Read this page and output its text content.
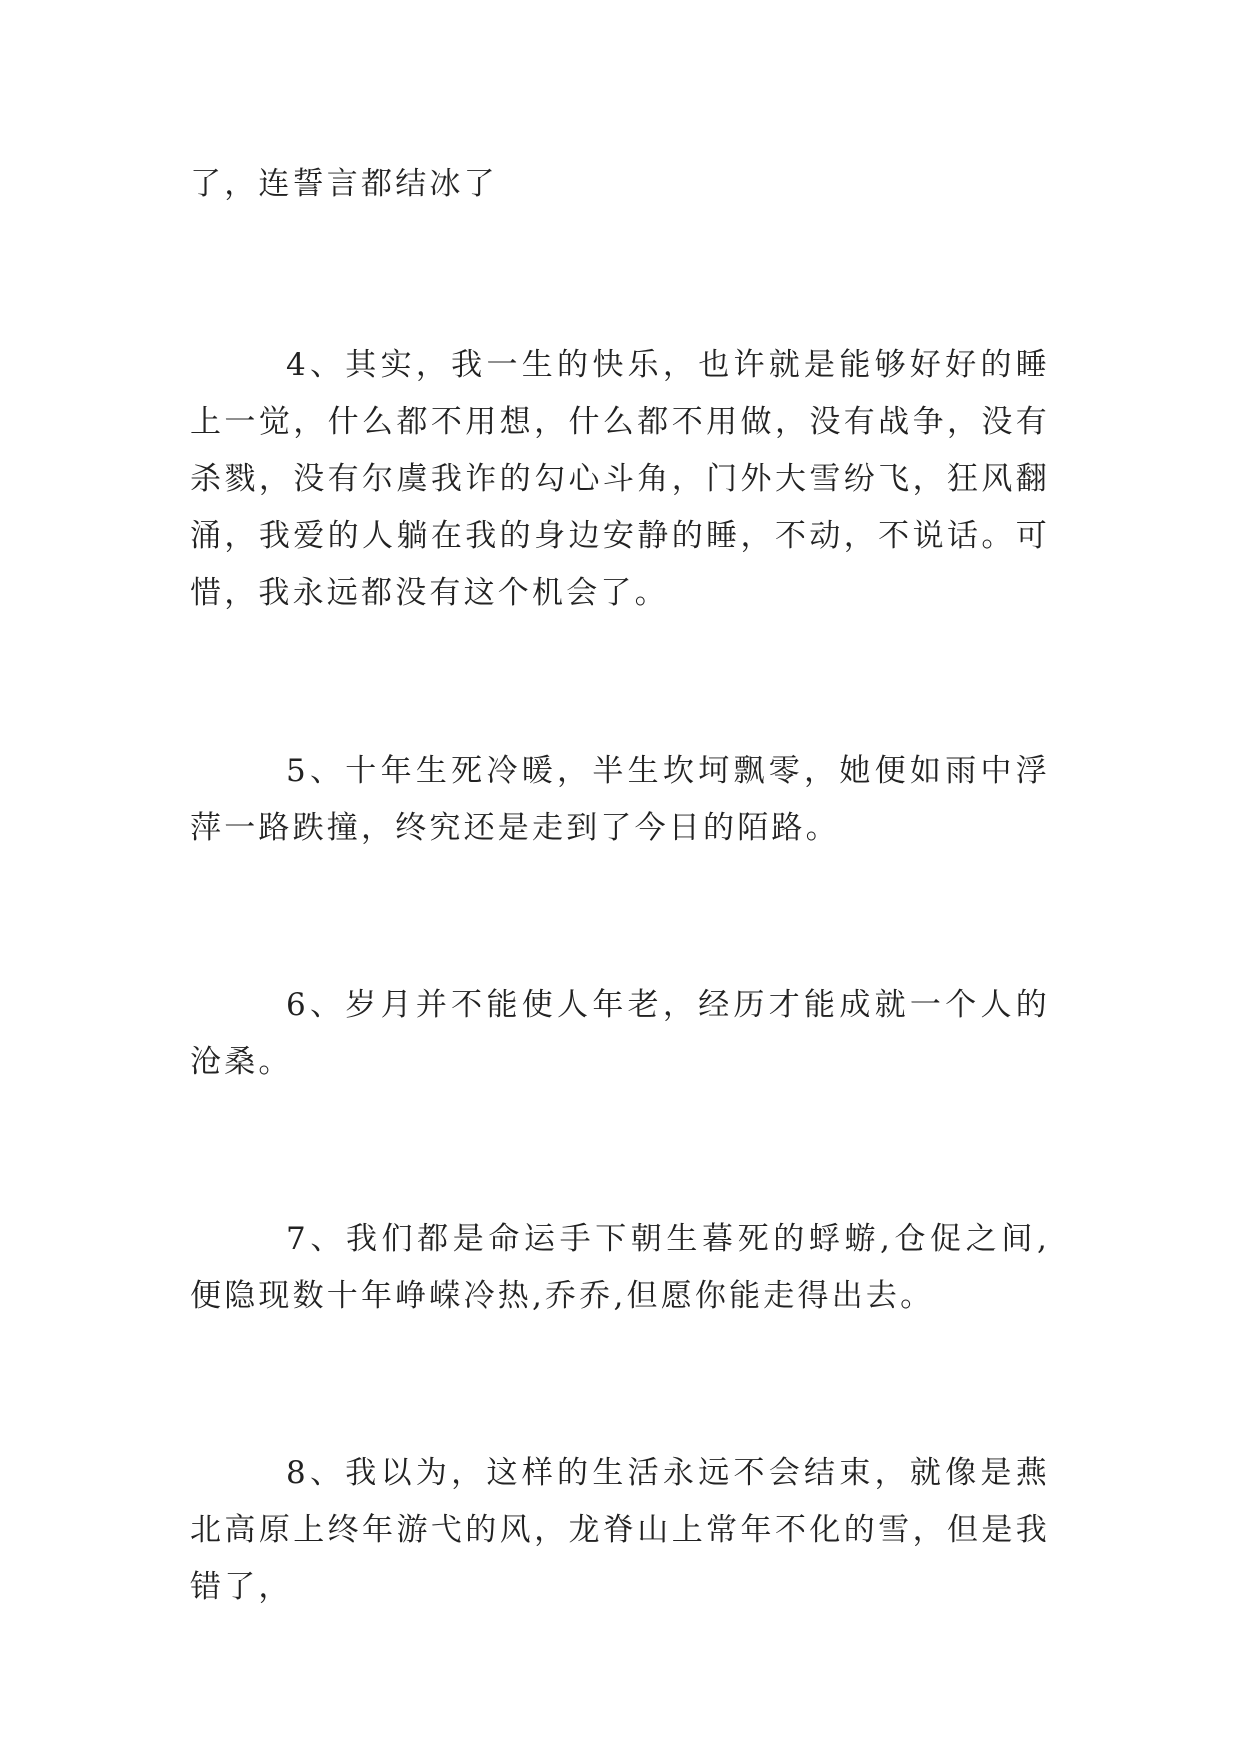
了，连誓言都结冰了

4、其实，我一生的快乐，也许就是能够好好的睡上一觉，什么都不用想，什么都不用做，没有战争，没有杀戮，没有尔虞我诈的勾心斗角，门外大雪纷飞，狂风翻涌，我爱的人躺在我的身边安静的睡，不动，不说话。可惜，我永远都没有这个机会了。

5、十年生死冷暖，半生坎坷飘零，她便如雨中浮萍一路跌撞，终究还是走到了今日的陌路。

6、岁月并不能使人年老，经历才能成就一个人的沧桑。

7、我们都是命运手下朝生暮死的蜉蝣,仓促之间,便隐现数十年峥嵘冷热,乔乔,但愿你能走得出去。

8、我以为，这样的生活永远不会结束，就像是燕北高原上终年游弋的风，龙脊山上常年不化的雪，但是我错了，
